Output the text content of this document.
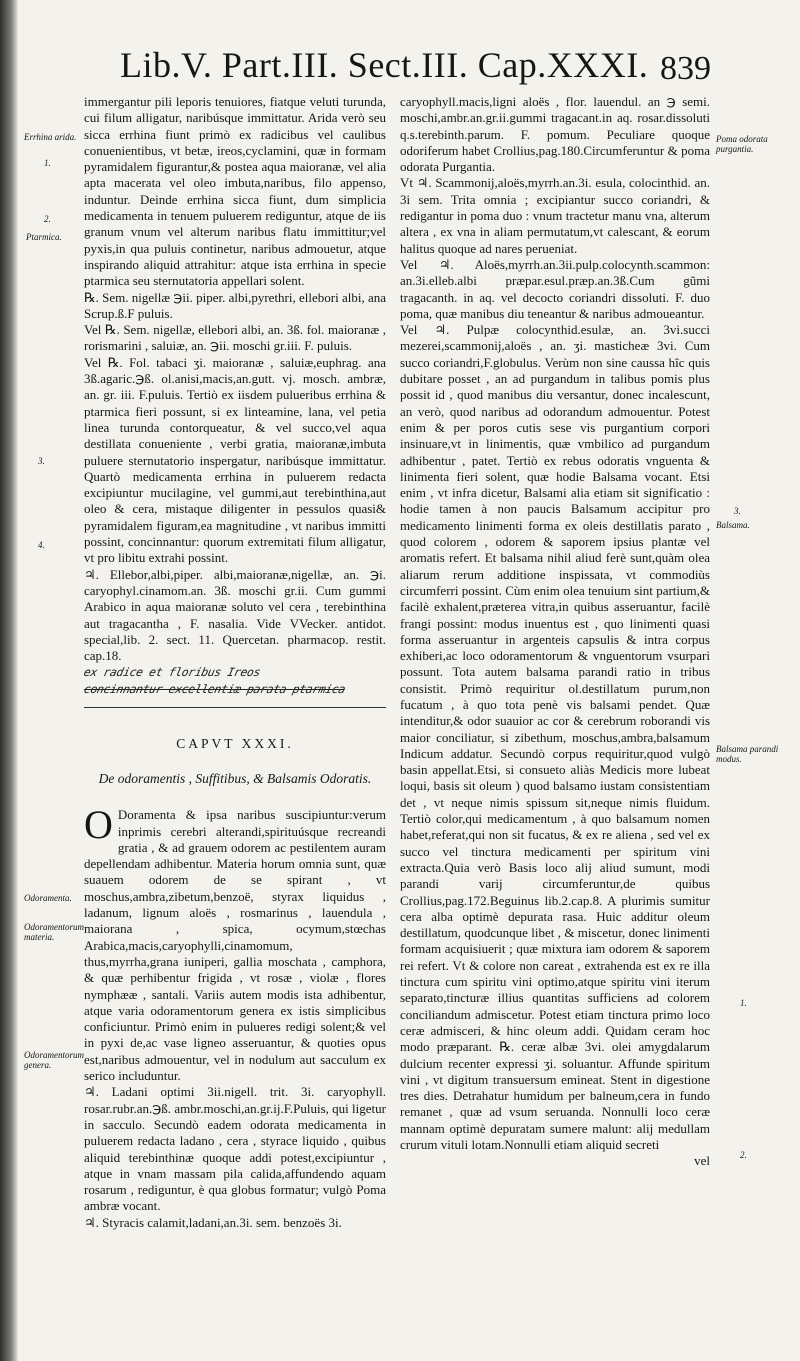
Lib.V. Part.III. Sect.III. Cap.XXXI. 839
Errhina arida.
1.
2.
Ptarmica.
3.
4.
Odoramenta.
Odoramentorum materia.
Odoramentorum genera.
Poma odorata purgantia.
3.
Balsama.
Balsama parandi modus.
1.
2.

immergantur pili leporis tenuiores, fiatque veluti turunda, cui filum alligatur, naribúsque immittatur. Arida verò seu sicca errhina fiunt primò ex radicibus vel caulibus conuenientibus, vt betæ, ireos,cyclamini, quæ in formam pyramidalem figurantur,& postea aqua maioranæ, vel alia apta macerata vel oleo imbuta,naribus, filo appenso, induntur. Deinde errhina sicca fiunt, dum simplicia medicamenta in tenuem puluerem rediguntur, atque de iis granum vnum vel alterum naribus flatu immittitur;vel pyxis,in qua puluis continetur, naribus admouetur, atque inspirando aliquid attrahitur: atque ista errhina in specie ptarmica seu sternutatoria appellari solent.

℞. Sem. nigellæ ℈ii. piper. albi,pyrethri, ellebori albi, ana Scrup.ß.F puluis.

Vel ℞. Sem. nigellæ, ellebori albi, an. 3ß. fol. maioranæ , rorismarini , saluiæ, an. ℈ii. moschi gr.iii. F. puluis.

Vel ℞. Fol. tabaci ʒi. maioranæ , saluiæ,euphrag. ana 3ß.agaric.℈ß. ol.anisi,macis,an.gutt. vj. mosch. ambræ, an. gr. iii. F.puluis. Tertiò ex iisdem pulueribus errhina & ptarmica fieri possunt, si ex linteamine, lana, vel petia linea turunda contorqueatur, & vel succo,vel aqua destillata conueniente , verbi gratia, maioranæ,imbuta puluere sternutatorio inspergatur, naribúsque immittatur. Quartò medicamenta errhina in puluerem redacta excipiuntur mucilagine, vel gummi,aut terebinthina,aut oleo & cera, mistaque diligenter in pessulos quasi& pyramidalem figuram,ea magnitudine , vt naribus immitti possint, concinnantur: quorum extremitati filum alligatur, vt pro libitu extrahi possint.

♃. Ellebor,albi,piper. albi,maioranæ,nigellæ, an. ℈i. caryophyl.cinamom.an. 3ß. moschi gr.ii. Cum gummi Arabico in aqua maioranæ soluto vel cera , terebinthina aut tragacantha , F. nasalia. Vide VVecker. antidot. special,lib. 2. sect. 11. Quercetan. pharmacop. restit. cap.18.

ex radice et floribus Ireos

concinnantur excellentiæ parata ptarmica

CAPVT XXXI.
De odoramentis , Suffitibus, & Balsamis Odoratis.

O Doramenta & ipsa naribus suscipiuntur:verum inprimis cerebri alterandi,spirituúsque recreandi gratia , & ad grauem odorem ac pestilentem auram depellendam adhibentur. Materia horum omnia sunt, quæ suauem odorem de se spirant , vt moschus,ambra,zibetum,benzoë, styrax liquidus , ladanum, lignum aloës , rosmarinus , lauendula , maiorana , spica, ocymum,stœchas Arabica,macis,caryophylli,cinamomum, thus,myrrha,grana iuniperi, gallia moschata , camphora, & quæ perhibentur frigida , vt rosæ , violæ , flores nymphææ , santali. Variis autem modis ista adhibentur, atque varia odoramentorum genera ex istis simplicibus conficiuntur. Primò enim in pulueres redigi solent;& vel in pyxi de,ac vase ligneo asseruantur, & quoties opus est,naribus admouentur, vel in nodulum aut sacculum ex serico includuntur.

♃. Ladani optimi 3ii.nigell. trit. 3i. caryophyll. rosar.rubr.an.℈ß. ambr.moschi,an.gr.ij.F.Puluis, qui ligetur in sacculo. Secundò eadem odorata medicamenta in puluerem redacta ladano , cera , styrace liquido , quibus aliquid terebinthinæ quoque addi potest,excipiuntur , atque in vnam massam pila calida,affundendo aquam rosarum , rediguntur, è qua globus formatur; vulgò Poma ambræ vocant.

♃. Styracis calamit,ladani,an.3i. sem. benzoës 3i.

caryophyll.macis,ligni aloës , flor. lauendul. an ℈ semi. moschi,ambr.an.gr.ii.gummi tragacant.in aq. rosar.dissoluti q.s.terebinth.parum. F. pomum. Peculiare quoque odoriferum habet Crollius,pag.180.Circumferuntur & poma odorata Purgantia.

Vt ♃. Scammonij,aloës,myrrh.an.3i. esula, colocinthid. an. 3i sem. Trita omnia ; excipiantur succo coriandri, & redigantur in poma duo : vnum tractetur manu vna, alterum altera , ex vna in aliam permutatum,vt calescant, & eorum halitus quoque ad nares perueniat.

Vel ♃. Aloës,myrrh.an.3ii.pulp.colocynth.scammon: an.3i.elleb.albi præpar.esul.præp.an.3ß.Cum gũmi tragacanth. in aq. vel decocto coriandri dissoluti. F. duo poma, quæ manibus diu teneantur & naribus admoueantur.

Vel ♃. Pulpæ colocynthid.esulæ, an. 3vi.succi mezerei,scammonij,aloës , an. ʒi. masticheæ 3vi. Cum succo coriandri,F.globulus. Verùm non sine caussa hîc quis dubitare posset , an ad purgandum in talibus pomis plus possit id , quod manibus diu versantur, donec incalescunt, an verò, quod naribus ad odorandum admouentur. Potest enim & per poros cutis sese vis purgantium corpori insinuare,vt in linimentis, quæ vmbilico ad purgandum adhibentur , patet. Tertiò ex rebus odoratis vnguenta & linimenta fieri solent, quæ hodie Balsama vocant. Etsi enim , vt infra dicetur, Balsami alia etiam sit significatio : hodie tamen à non paucis Balsamum accipitur pro medicamento linimenti forma ex oleis destillatis parato , quod colorem , odorem & saporem ipsius plantæ vel aromatis refert. Et balsama nihil aliud ferè sunt,quàm olea aliarum rerum additione inspissata, vt commodiùs circumferri possint. Cùm enim olea tenuium sint partium,& facilè exhalent,præterea vitra,in quibus asseruantur, facilè frangi possint: modus inuentus est , quo linimenti quasi forma asseruantur in argenteis capsulis & intra corpus exhiberi,ac loco odoramentorum & vnguentorum vsurpari possunt. Tota autem balsama parandi ratio in tribus consistit. Primò requiritur ol.destillatum purum,non fucatum , à quo tota penè vis balsami pendet. Quæ intenditur,& odor suauior ac cor & cerebrum roborandi vis maior conciliatur, si zibethum, moschus,ambra,balsamum Indicum addatur. Secundò corpus requiritur,quod vulgò basin appellat.Etsi, si consueto aliàs Medicis more lubeat loqui, basis sit oleum ) quod balsamo iustam consistentiam det , vt neque nimis spissum sit,neque nimis fluidum. Tertiò color,qui medicamentum , à quo balsamum nomen habet,referat,qui non sit fucatus, & ex re aliena , sed vel ex succo vel tinctura medicamenti per spiritum vini extracta.Quia verò Basis loco alij aliud sumunt, modi parandi varij circumferuntur,de quibus Crollius,pag.172.Beguinus lib.2.cap.8. A plurimis sumitur cera alba optimè depurata rasa. Huic additur oleum destillatum, quodcunque libet , & miscetur, donec linimenti formam acquisiuerit ; quæ mixtura iam odorem & saporem rei refert. Vt & colore non careat , extrahenda est ex re illa tinctura cum spiritu vini optimo,atque spiritu vini iterum separato,tincturæ illius quantitas sufficiens ad colorem conciliandum admiscetur. Potest etiam tinctura primo loco ceræ admisceri, & hinc oleum addi. Quidam ceram hoc modo præparant. ℞. ceræ albæ 3vi. olei amygdalarum dulcium recenter expressi ʒi. soluantur. Affunde spiritum vini , vt digitum transuersum emineat. Stent in digestione tres dies. Detrahatur humidum per balneum,cera in fundo remanet , quæ ad vsum seruanda. Nonnulli loco ceræ mannam optimè depuratam sumere malunt: alij medullam crurum vituli lotam.Nonnulli etiam aliquid secreti

vel
